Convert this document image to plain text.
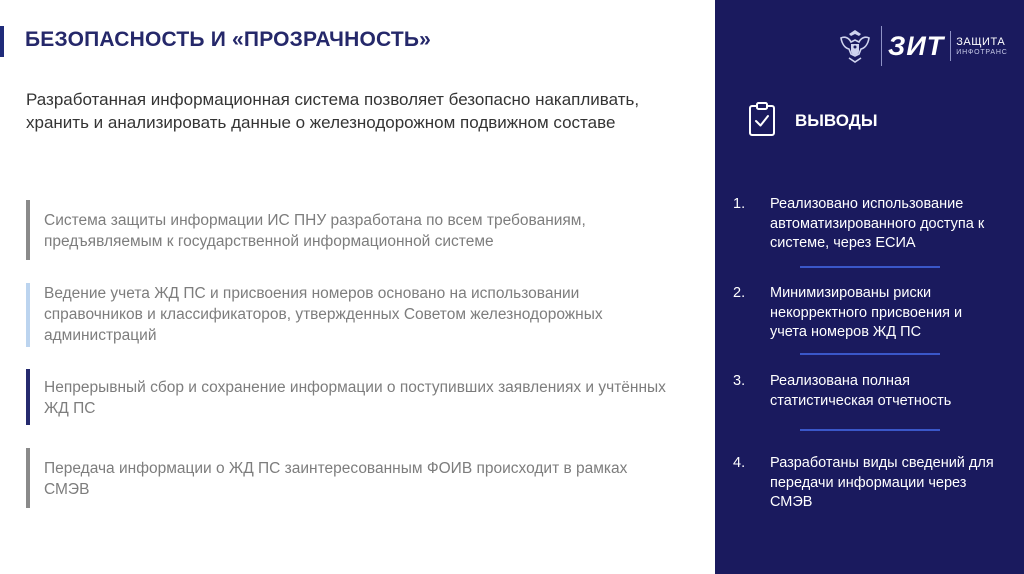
БЕЗОПАСНОСТЬ И «ПРОЗРАЧНОСТЬ»
Разработанная информационная система позволяет безопасно накапливать, хранить и анализировать данные о железнодорожном подвижном составе
Система защиты информации ИС ПНУ разработана по всем требованиям, предъявляемым к государственной информационной системе
Ведение учета ЖД ПС и присвоения номеров основано на использовании справочников и классификаторов, утвержденных Советом железнодорожных администраций
Непрерывный сбор и сохранение информации о поступивших заявлениях и учтённых ЖД ПС
Передача информации о ЖД ПС заинтересованным ФОИВ происходит в рамках СМЭВ
ЗИТ ЗАЩИТА
ИНФОТРАНС
ВЫВОДЫ
1.	Реализовано использование автоматизированного доступа к системе, через ЕСИА
2.	Минимизированы риски некорректного присвоения и учета номеров ЖД ПС
3.	Реализована полная статистическая отчетность
4.	Разработаны виды сведений для передачи информации через СМЭВ
